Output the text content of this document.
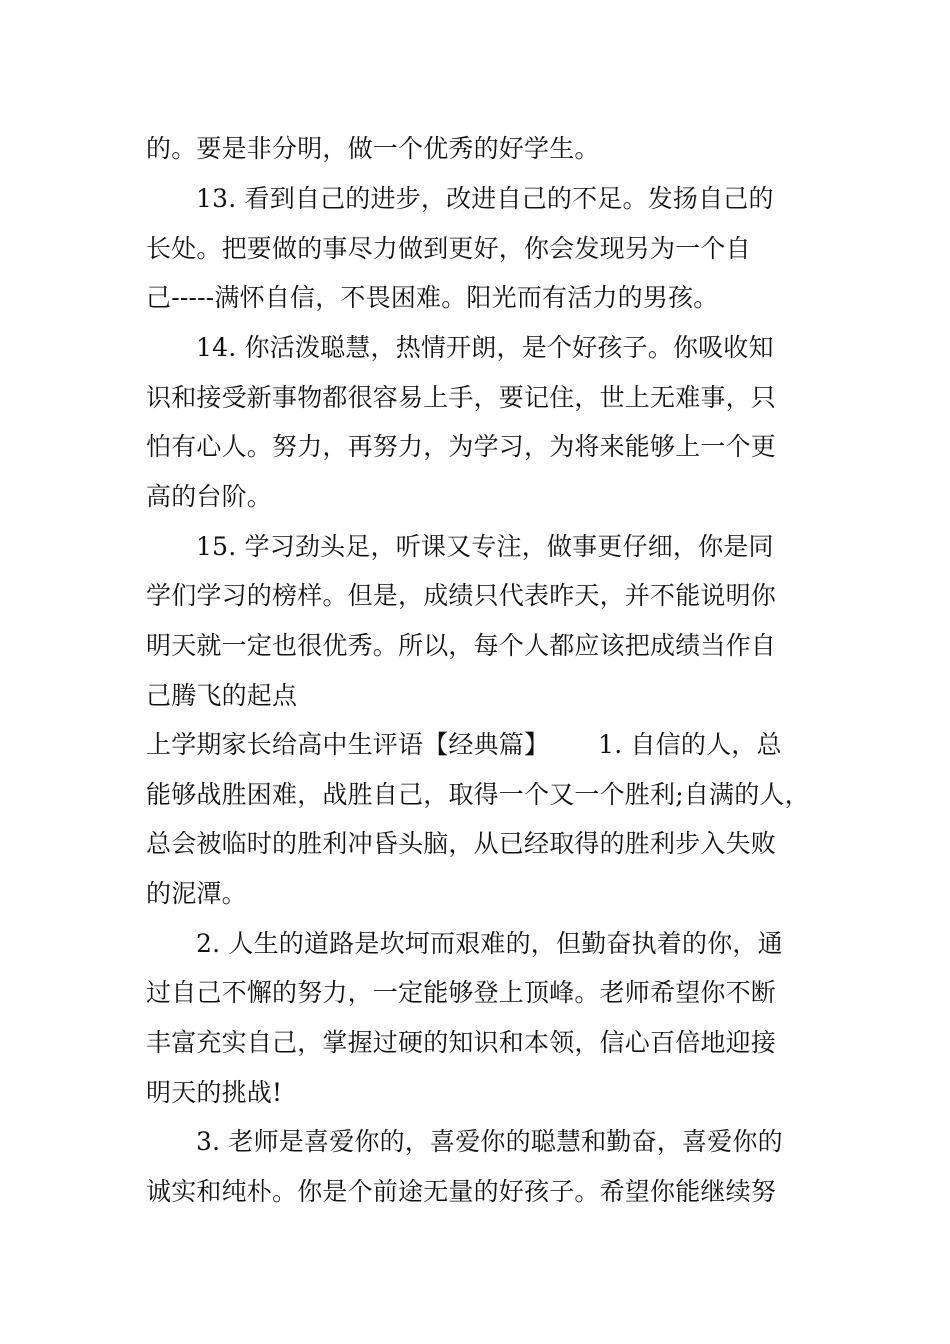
的。要是非分明，做一个优秀的好学生。
13. 看到自己的进步，改进自己的不足。发扬自己的
长处。把要做的事尽力做到更好，你会发现另为一个自
己-----满怀自信，不畏困难。阳光而有活力的男孩。
14. 你活泼聪慧，热情开朗，是个好孩子。你吸收知
识和接受新事物都很容易上手，要记住，世上无难事，只
怕有心人。努力，再努力，为学习，为将来能够上一个更
高的台阶。
15. 学习劲头足，听课又专注，做事更仔细，你是同
学们学习的榜样。但是，成绩只代表昨天，并不能说明你
明天就一定也很优秀。所以，每个人都应该把成绩当作自
己腾飞的起点
上学期家长给高中生评语【经典篇】      1. 自信的人，总
能够战胜困难，战胜自己，取得一个又一个胜利;自满的人，
总会被临时的胜利冲昏头脑，从已经取得的胜利步入失败
的泥潭。
2. 人生的道路是坎坷而艰难的，但勤奋执着的你，通
过自己不懈的努力，一定能够登上顶峰。老师希望你不断
丰富充实自己，掌握过硬的知识和本领，信心百倍地迎接
明天的挑战!
3. 老师是喜爱你的，喜爱你的聪慧和勤奋，喜爱你的
诚实和纯朴。你是个前途无量的好孩子。希望你能继续努
